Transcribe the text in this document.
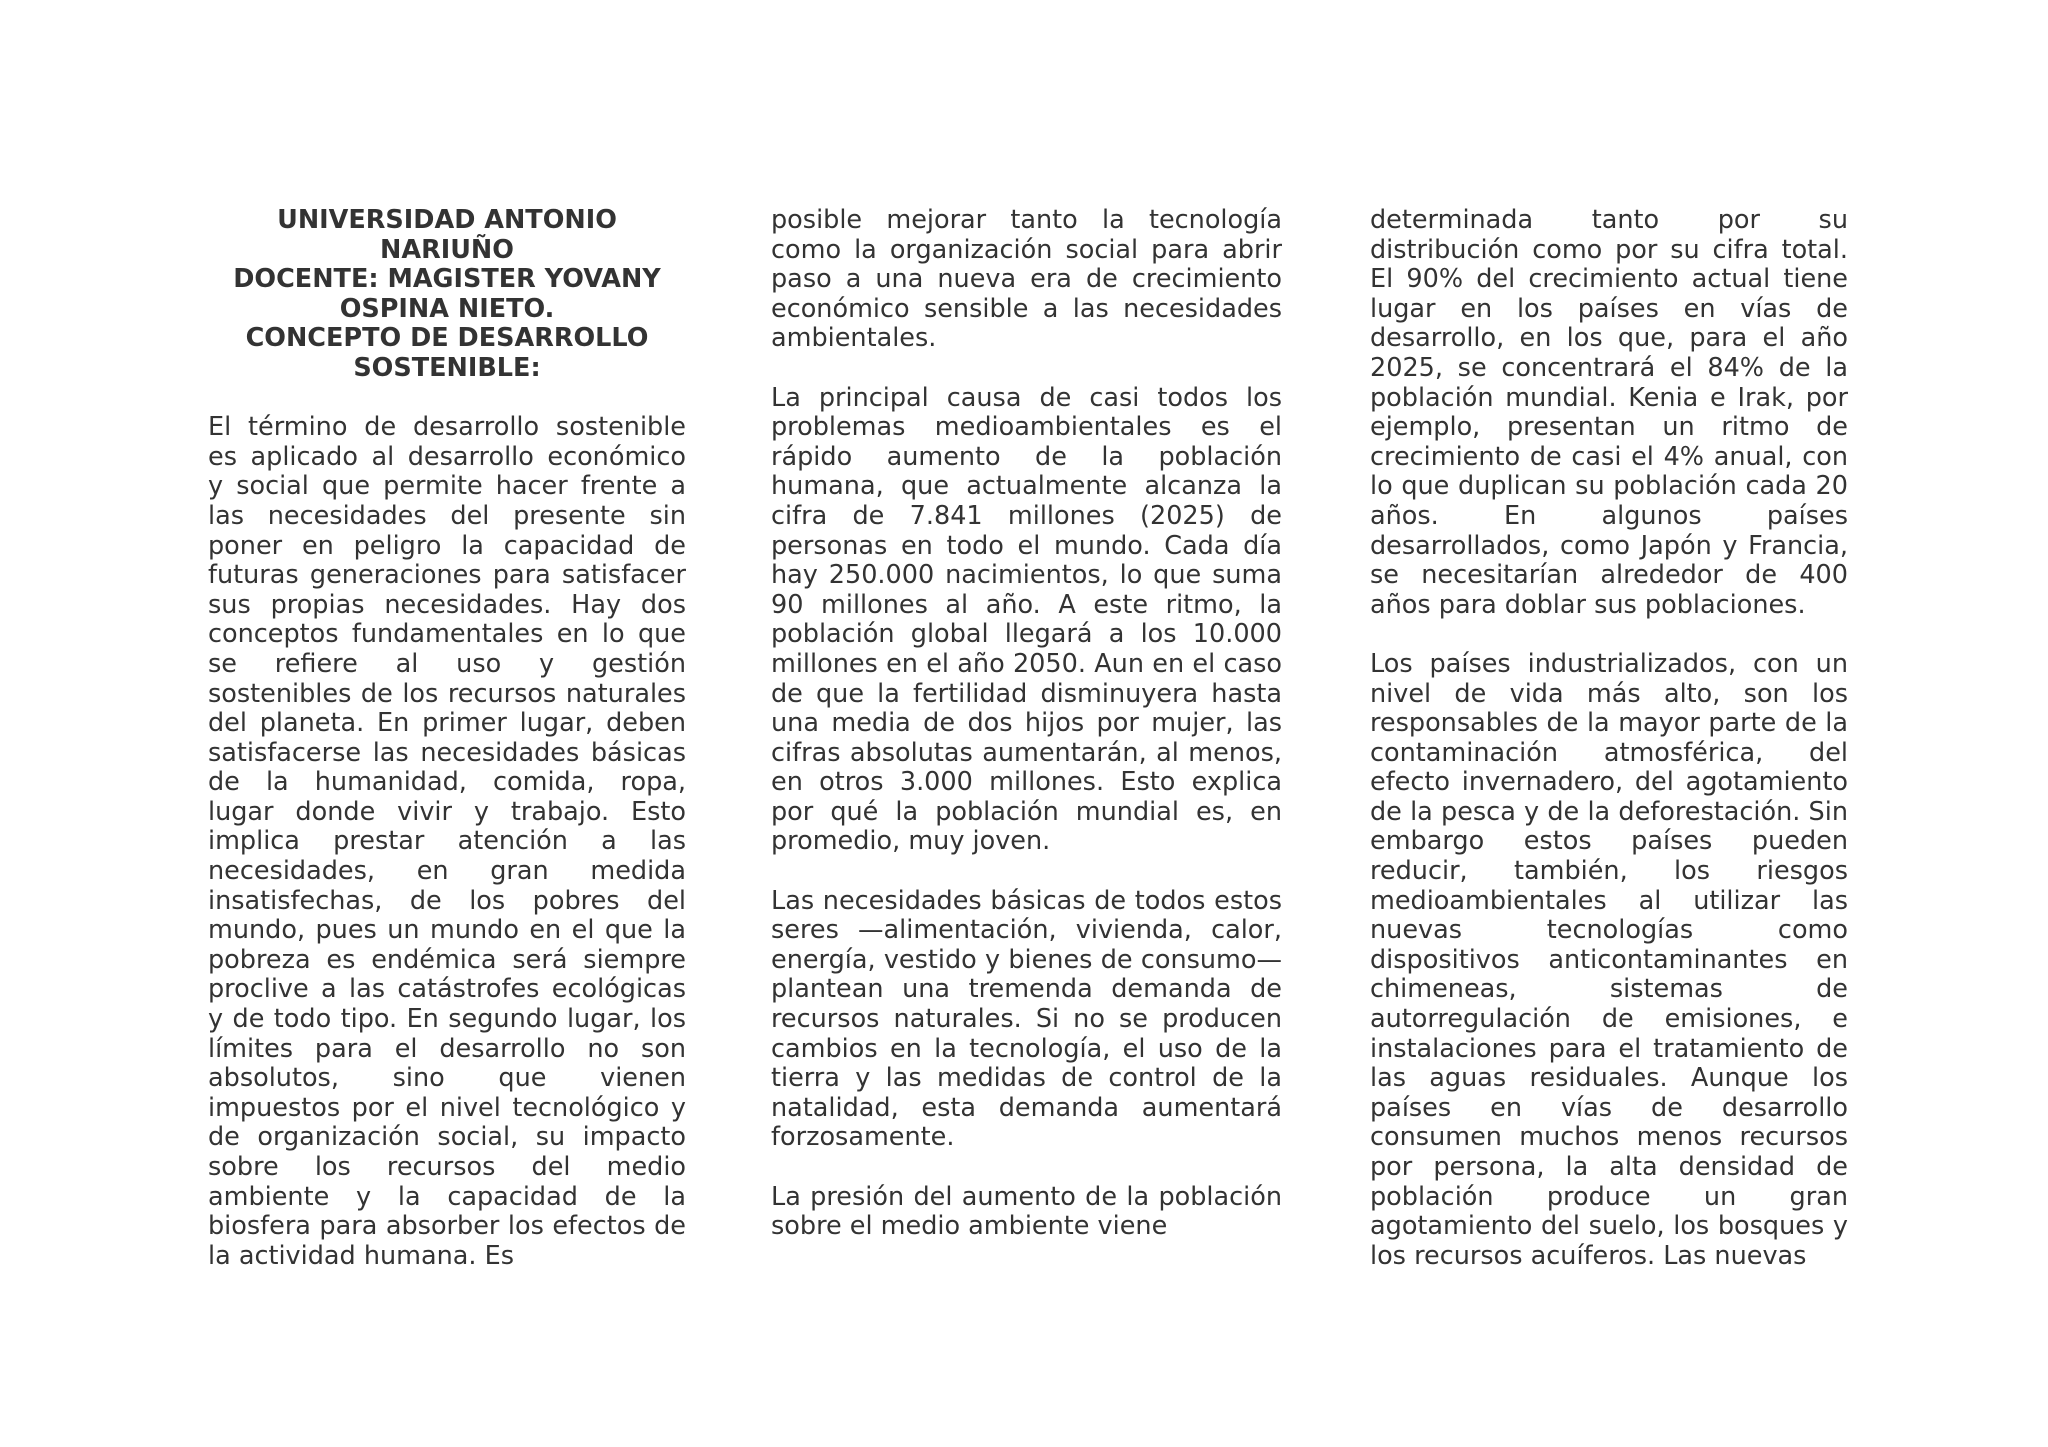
UNIVERSIDAD ANTONIO NARIUÑO
DOCENTE: MAGISTER YOVANY OSPINA NIETO.
CONCEPTO DE DESARROLLO SOSTENIBLE:

El término de desarrollo sostenible es aplicado al desarrollo económico y social que permite hacer frente a las necesidades del presente sin poner en peligro la capacidad de futuras generaciones para satisfacer sus propias necesidades. Hay dos conceptos fundamentales en lo que se refiere al uso y gestión sostenibles de los recursos naturales del planeta. En primer lugar, deben satisfacerse las necesidades básicas de la humanidad, comida, ropa, lugar donde vivir y trabajo. Esto implica prestar atención a las necesidades, en gran medida insatisfechas, de los pobres del mundo, pues un mundo en el que la pobreza es endémica será siempre proclive a las catástrofes ecológicas y de todo tipo. En segundo lugar, los límites para el desarrollo no son absolutos, sino que vienen impuestos por el nivel tecnológico y de organización social, su impacto sobre los recursos del medio ambiente y la capacidad de la biosfera para absorber los efectos de la actividad humana. Es

posible mejorar tanto la tecnología como la organización social para abrir paso a una nueva era de crecimiento económico sensible a las necesidades ambientales.

La principal causa de casi todos los problemas medioambientales es el rápido aumento de la población humana, que actualmente alcanza la cifra de 7.841 millones (2025) de personas en todo el mundo. Cada día hay 250.000 nacimientos, lo que suma 90 millones al año. A este ritmo, la población global llegará a los 10.000 millones en el año 2050. Aun en el caso de que la fertilidad disminuyera hasta una media de dos hijos por mujer, las cifras absolutas aumentarán, al menos, en otros 3.000 millones. Esto explica por qué la población mundial es, en promedio, muy joven.

Las necesidades básicas de todos estos seres —alimentación, vivienda, calor, energía, vestido y bienes de consumo— plantean una tremenda demanda de recursos naturales. Si no se producen cambios en la tecnología, el uso de la tierra y las medidas de control de la natalidad, esta demanda aumentará forzosamente.

La presión del aumento de la población sobre el medio ambiente viene

determinada tanto por su distribución como por su cifra total. El 90% del crecimiento actual tiene lugar en los países en vías de desarrollo, en los que, para el año 2025, se concentrará el 84% de la población mundial. Kenia e Irak, por ejemplo, presentan un ritmo de crecimiento de casi el 4% anual, con lo que duplican su población cada 20 años. En algunos países desarrollados, como Japón y Francia, se necesitarían alrededor de 400 años para doblar sus poblaciones.

Los países industrializados, con un nivel de vida más alto, son los responsables de la mayor parte de la contaminación atmosférica, del efecto invernadero, del agotamiento de la pesca y de la deforestación. Sin embargo estos países pueden reducir, también, los riesgos medioambientales al utilizar las nuevas tecnologías como dispositivos anticontaminantes en chimeneas, sistemas de autorregulación de emisiones, e instalaciones para el tratamiento de las aguas residuales. Aunque los países en vías de desarrollo consumen muchos menos recursos por persona, la alta densidad de población produce un gran agotamiento del suelo, los bosques y los recursos acuíferos. Las nuevas
